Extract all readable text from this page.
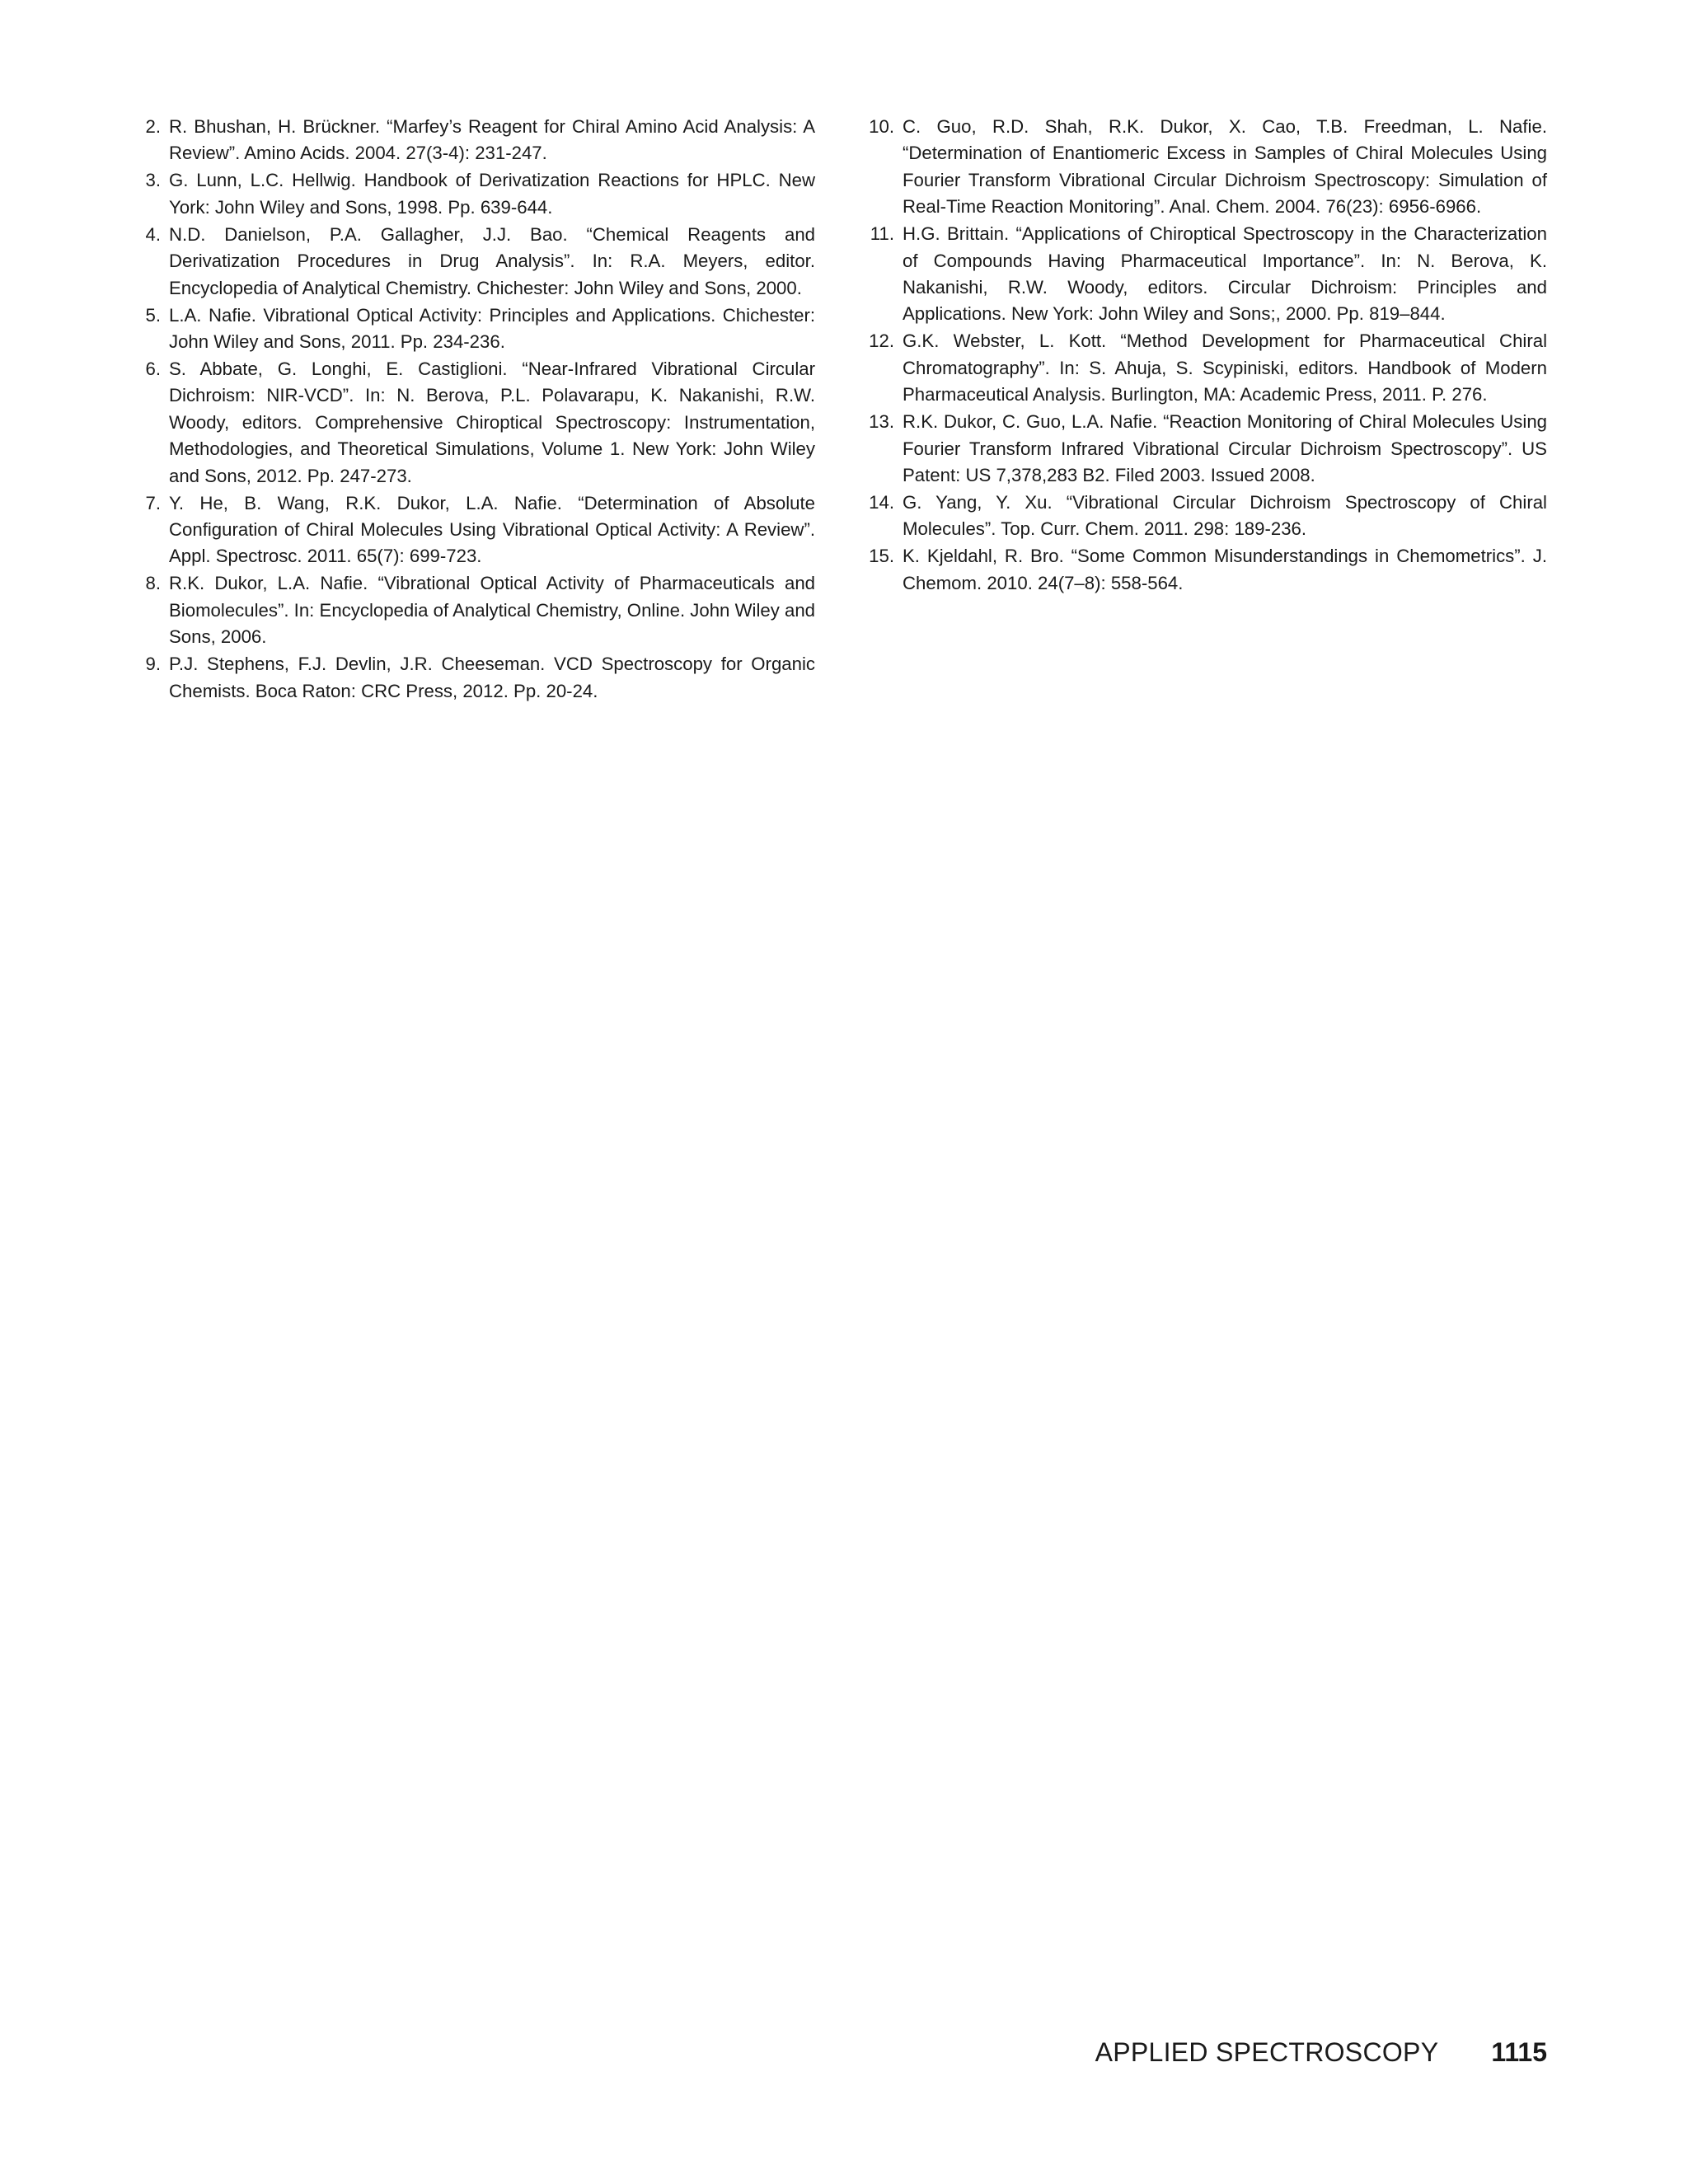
2. R. Bhushan, H. Brückner. “Marfey’s Reagent for Chiral Amino Acid Analysis: A Review”. Amino Acids. 2004. 27(3-4): 231-247.
3. G. Lunn, L.C. Hellwig. Handbook of Derivatization Reactions for HPLC. New York: John Wiley and Sons, 1998. Pp. 639-644.
4. N.D. Danielson, P.A. Gallagher, J.J. Bao. “Chemical Reagents and Derivatization Procedures in Drug Analysis”. In: R.A. Meyers, editor. Encyclopedia of Analytical Chemistry. Chichester: John Wiley and Sons, 2000.
5. L.A. Nafie. Vibrational Optical Activity: Principles and Applications. Chichester: John Wiley and Sons, 2011. Pp. 234-236.
6. S. Abbate, G. Longhi, E. Castiglioni. “Near-Infrared Vibrational Circular Dichroism: NIR-VCD”. In: N. Berova, P.L. Polavarapu, K. Nakanishi, R.W. Woody, editors. Comprehensive Chiroptical Spectroscopy: Instrumentation, Methodologies, and Theoretical Simulations, Volume 1. New York: John Wiley and Sons, 2012. Pp. 247-273.
7. Y. He, B. Wang, R.K. Dukor, L.A. Nafie. “Determination of Absolute Configuration of Chiral Molecules Using Vibrational Optical Activity: A Review”. Appl. Spectrosc. 2011. 65(7): 699-723.
8. R.K. Dukor, L.A. Nafie. “Vibrational Optical Activity of Pharmaceuticals and Biomolecules”. In: Encyclopedia of Analytical Chemistry, Online. John Wiley and Sons, 2006.
9. P.J. Stephens, F.J. Devlin, J.R. Cheeseman. VCD Spectroscopy for Organic Chemists. Boca Raton: CRC Press, 2012. Pp. 20-24.
10. C. Guo, R.D. Shah, R.K. Dukor, X. Cao, T.B. Freedman, L. Nafie. “Determination of Enantiomeric Excess in Samples of Chiral Molecules Using Fourier Transform Vibrational Circular Dichroism Spectroscopy: Simulation of Real-Time Reaction Monitoring”. Anal. Chem. 2004. 76(23): 6956-6966.
11. H.G. Brittain. “Applications of Chiroptical Spectroscopy in the Characterization of Compounds Having Pharmaceutical Importance”. In: N. Berova, K. Nakanishi, R.W. Woody, editors. Circular Dichroism: Principles and Applications. New York: John Wiley and Sons;, 2000. Pp. 819–844.
12. G.K. Webster, L. Kott. “Method Development for Pharmaceutical Chiral Chromatography”. In: S. Ahuja, S. Scypiniski, editors. Handbook of Modern Pharmaceutical Analysis. Burlington, MA: Academic Press, 2011. P. 276.
13. R.K. Dukor, C. Guo, L.A. Nafie. “Reaction Monitoring of Chiral Molecules Using Fourier Transform Infrared Vibrational Circular Dichroism Spectroscopy”. US Patent: US 7,378,283 B2. Filed 2003. Issued 2008.
14. G. Yang, Y. Xu. “Vibrational Circular Dichroism Spectroscopy of Chiral Molecules”. Top. Curr. Chem. 2011. 298: 189-236.
15. K. Kjeldahl, R. Bro. “Some Common Misunderstandings in Chemometrics”. J. Chemom. 2010. 24(7–8): 558-564.
APPLIED SPECTROSCOPY 1115
